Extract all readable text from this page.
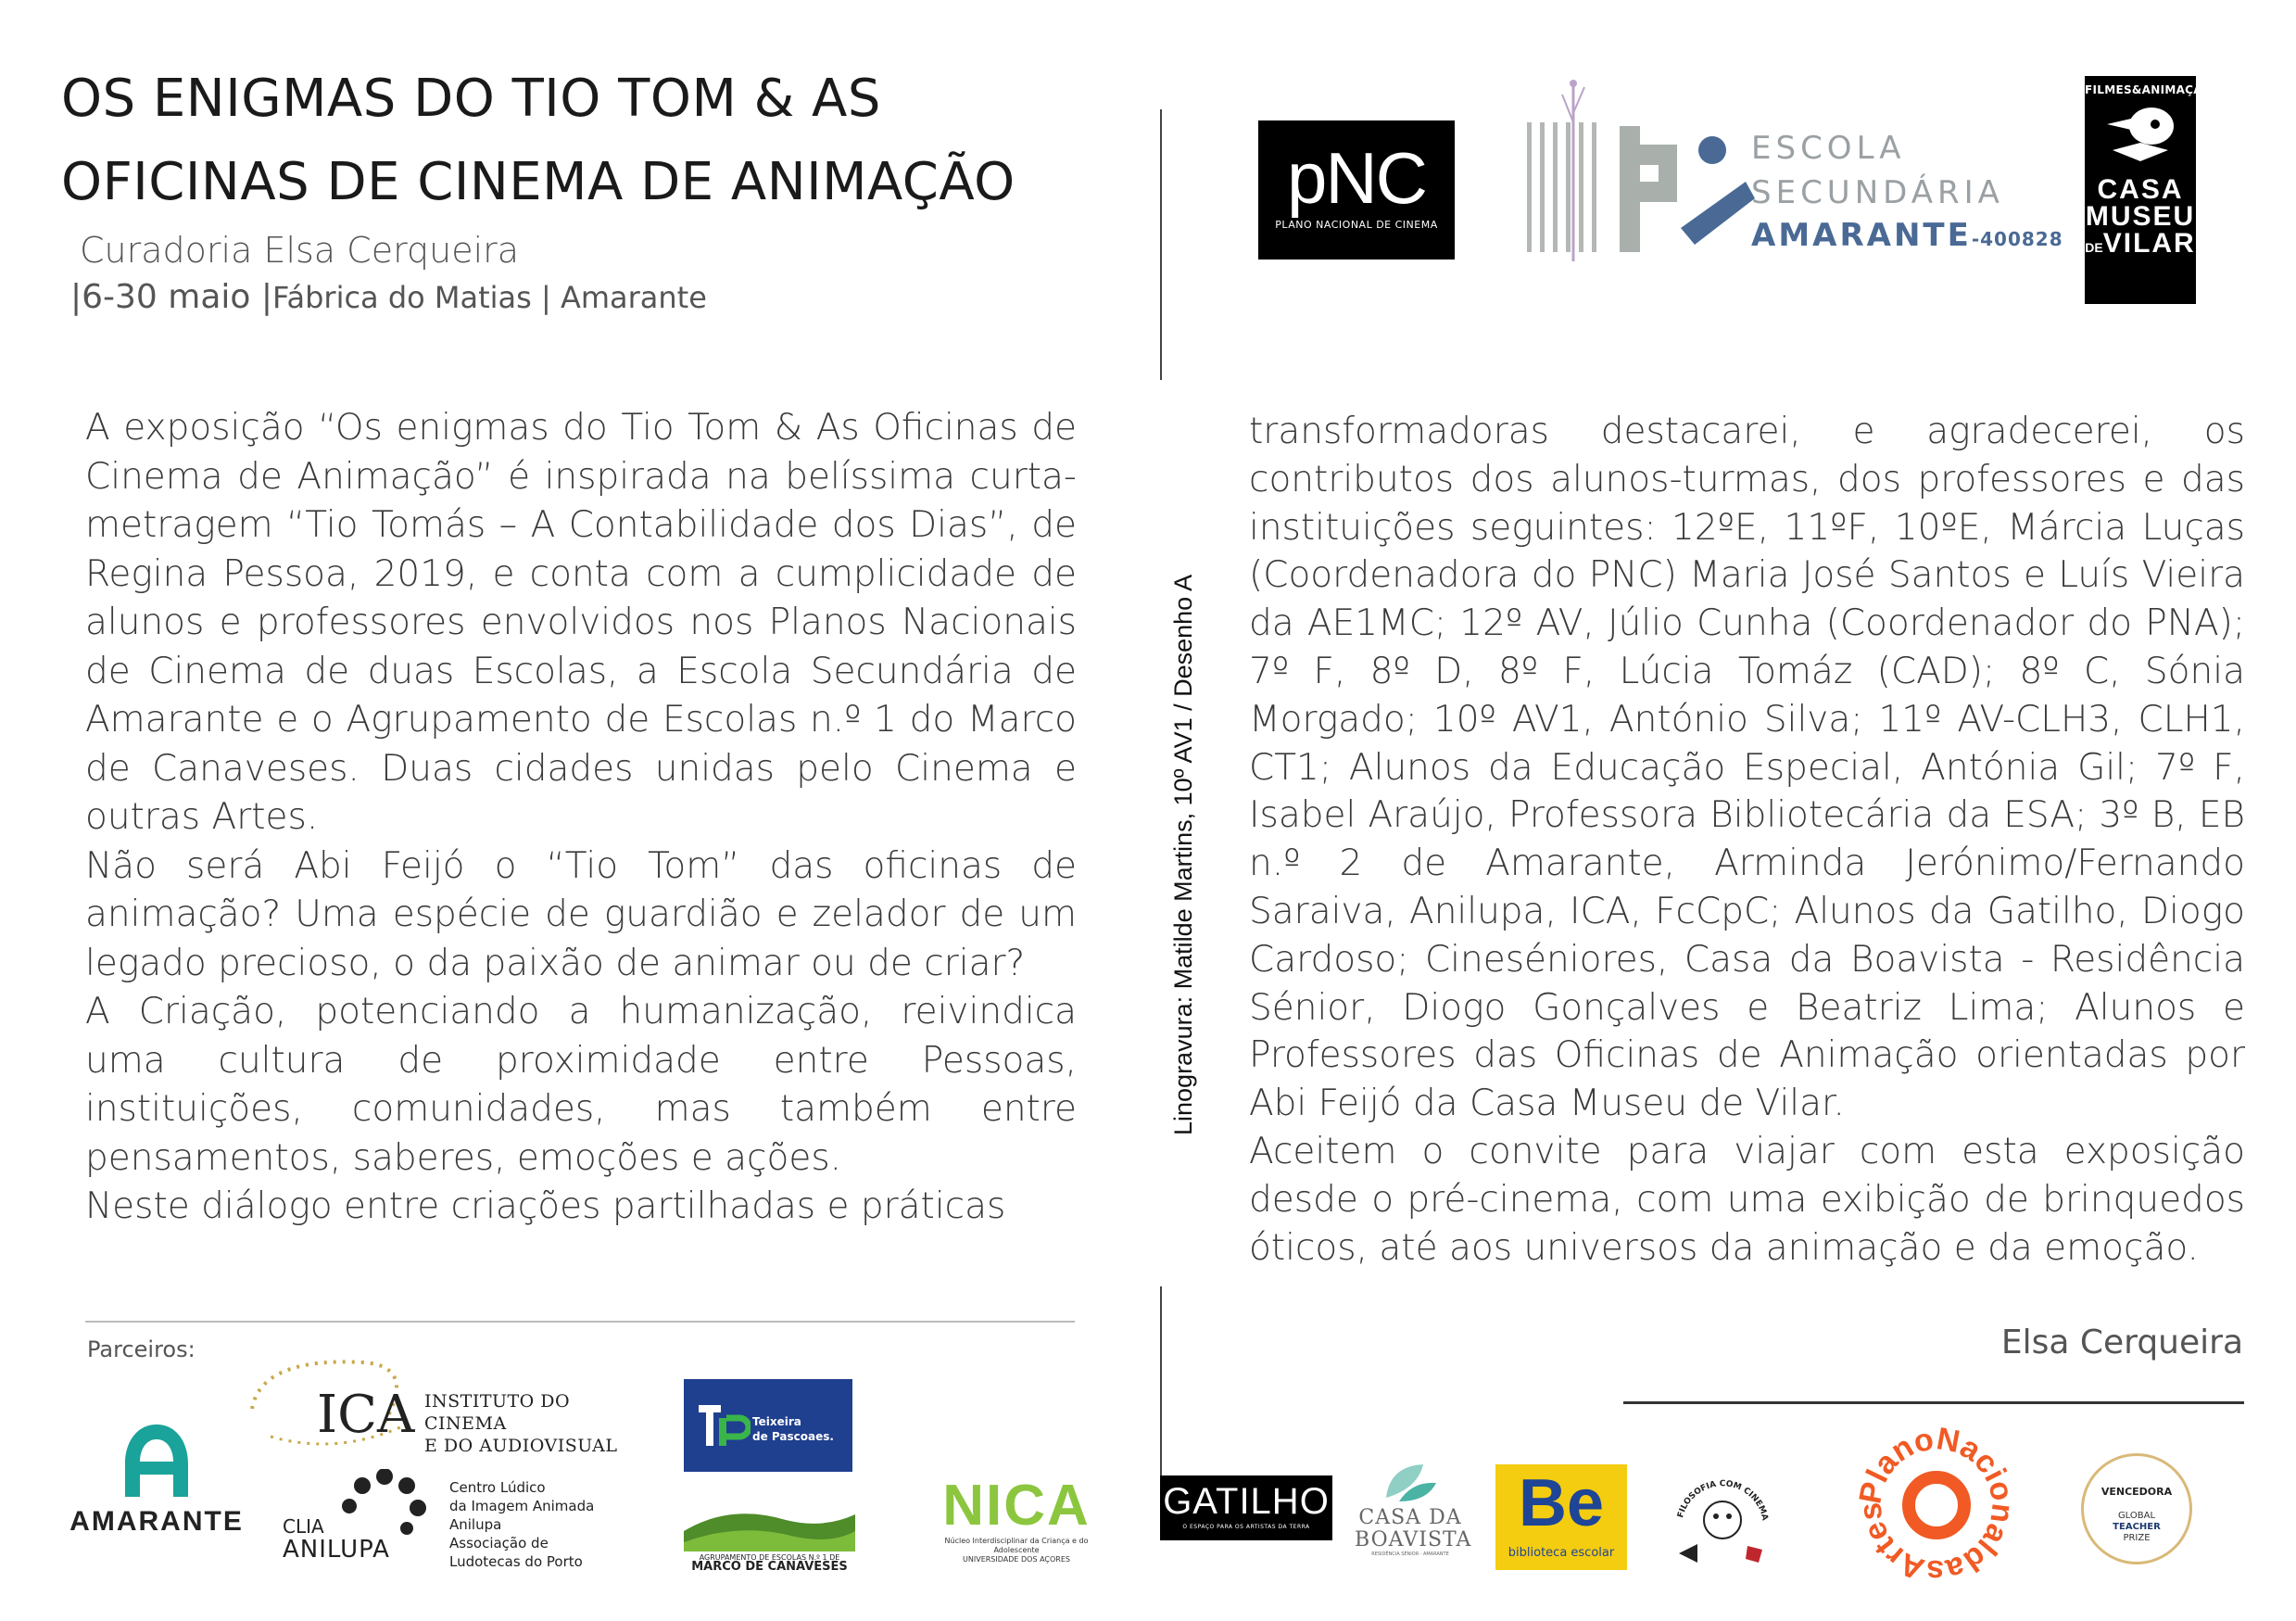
OS ENIGMAS DO TIO TOM & AS
OFICINAS DE CINEMA DE ANIMAÇÃO
Curadoria Elsa Cerqueira
|6-30 maio |Fábrica do Matias | Amarante
Linogravura: Matilde Martins, 10º AV1 / Desenho A
pNC
PLANO NACIONAL DE CINEMA
ESCOLA
SECUNDÁRIA
AMARANTE-400828
FILMES&ANIMAÇÃO
CASA
MUSEU
DEVILAR

A exposição “Os enigmas do Tio Tom & As Oficinas de Cinema de Animação” é inspirada na belíssima curta-metragem “Tio Tomás – A Contabilidade dos Dias”, de Regina Pessoa, 2019, e conta com a cumplicidade de alunos e professores envolvidos nos Planos Nacionais de Cinema de duas Escolas, a Escola Secundária de Amarante e o Agrupamento de Escolas n.º 1 do Marco de Canaveses. Duas cidades unidas pelo Cinema e outras Artes.

Não será Abi Feijó o “Tio Tom” das oficinas de animação? Uma espécie de guardião e zelador de um legado precioso, o da paixão de animar ou de criar?

A Criação, potenciando a humanização, reivindica uma cultura de proximidade entre Pessoas, instituições, comunidades, mas também entre pensamentos, saberes, emoções e ações.

Neste diálogo entre criações partilhadas e práticas

transformadoras destacarei, e agradecerei, os contributos dos alunos-turmas, dos professores e das instituições seguintes: 12ºE, 11ºF, 10ºE, Márcia Luças (Coordenadora do PNC) Maria José Santos e Luís Vieira da AE1MC; 12º AV, Júlio Cunha (Coordenador do PNA); 7º F, 8º D, 8º F, Lúcia Tomáz (CAD); 8º C, Sónia Morgado; 10º AV1, António Silva; 11º AV-CLH3, CLH1, CT1; Alunos da Educação Especial, Antónia Gil; 7º F, Isabel Araújo, Professora Bibliotecária da ESA; 3º B, EB n.º 2 de Amarante, Arminda Jerónimo/Fernando Saraiva, Anilupa, ICA, FcCpC; Alunos da Gatilho, Diogo Cardoso; Cineséniores, Casa da Boavista - Residência Sénior, Diogo Gonçalves e Beatriz Lima; Alunos e Professores das Oficinas de Animação orientadas por Abi Feijó da Casa Museu de Vilar.

Aceitem o convite para viajar com esta exposição desde o pré-cinema, com uma exibição de brinquedos óticos, até aos universos da animação e da emoção.

Elsa Cerqueira
Parceiros:
AMARANTE
ICA INSTITUTO DO CINEMA
E DO AUDIOVISUAL
CLIA
ANILUPA
Centro Lúdico
da Imagem Animada
Anilupa
Associação de
Ludotecas do Porto
Teixeira
de Pascoaes.
AGRUPAMENTO DE ESCOLAS N.º 1 DE
MARCO DE CANAVESES
NICA
Núcleo Interdisciplinar da Criança e do Adolescente
UNIVERSIDADE DOS AÇORES
GATILHO
O ESPAÇO PARA OS ARTISTAS DA TERRA	CASA DA
BOAVISTA
RESIDÊNCIA SÉNIOR · AMARANTE
Be
biblioteca escolar
FILOSOFIA COM CINEMA
lanoNaci aldasArte
VENCEDORA
GLOBAL
TEACHER
PRIZE
